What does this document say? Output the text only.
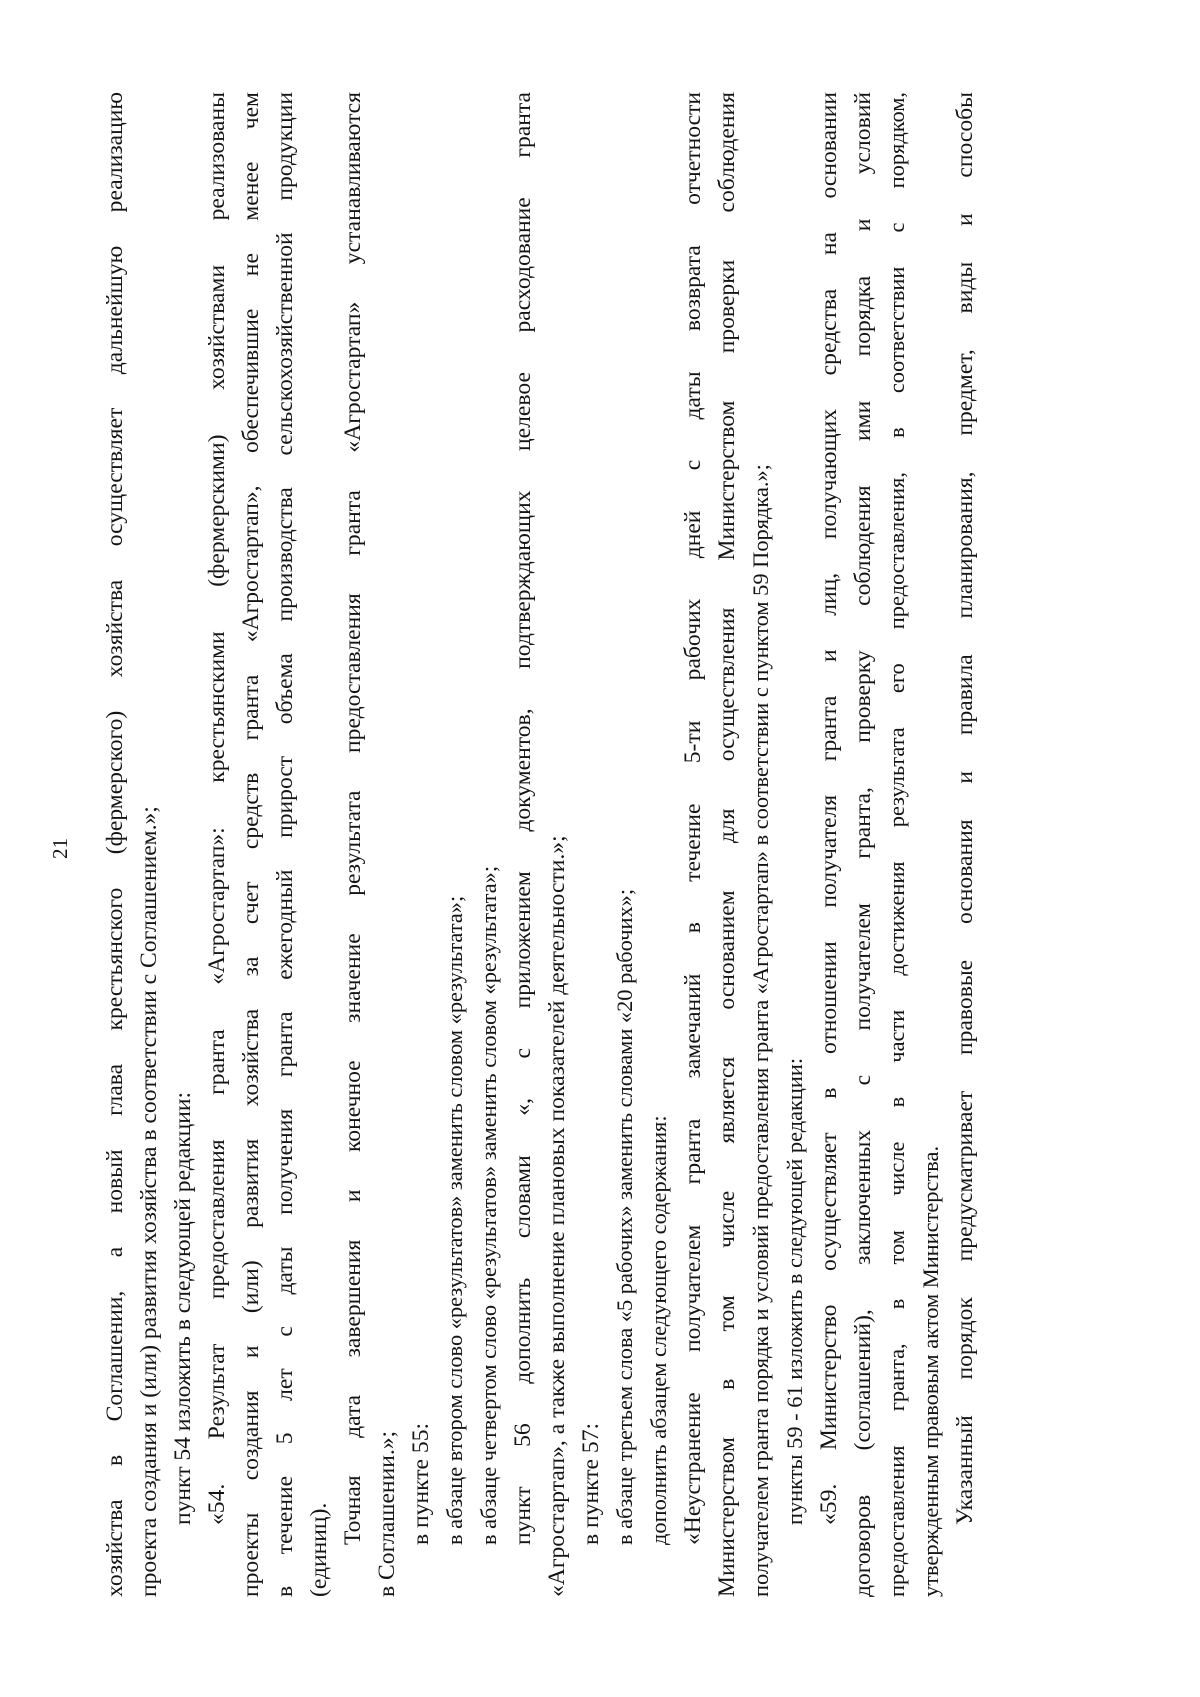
21 хозяйства в Соглашении, а новый глава крестьянского (фермерского) хозяйства осуществляет дальнейшую реализацию проекта создания и (или) развития хозяйства в соответствии с Соглашением.»; пункт 54 изложить в следующей редакции: «54. Результат предоставления гранта «Агростартап»: крестьянскими (фермерскими) хозяйствами реализованы проекты создания и (или) развития хозяйства за счет средств гранта «Агростартап», обеспечившие не менее чем в течение 5 лет с даты получения гранта ежегодный прирост объема производства сельскохозяйственной продукции (единиц).
Точная дата завершения и конечное значение результата предоставления гранта «Агростартап» устанавливаются в Соглашении.»; в пункте 55: в абзаце втором слово «результатов» заменить словом «результата»; в абзаце четвертом слово «результатов» заменить словом «результата»; пункт 56 дополнить словами «, с приложением документов, подтверждающих целевое расходование гранта «Агростартап», а также выполнение плановых показателей деятельности.»; в пункте 57: в абзаце третьем слова «5 рабочих» заменить словами «20 рабочих»; дополнить абзацем следующего содержания: «Неустранение получателем гранта замечаний в течение 5-ти рабочих дней с даты возврата отчетности Министерством в том числе является основанием для осуществления Министерством проверки соблюдения получателем гранта порядка и условий предоставления гранта «Агростартап» в соответствии с пунктом 59 Порядка.»; пункты 59 - 61 изложить в следующей редакции: «59. Министерство осуществляет в отношении получателя гранта и лиц, получающих средства на основании договоров (соглашений), заключенных с получателем гранта, проверку соблюдения ими порядка и условий предоставления гранта, в том числе в части достижения результата его предоставления, в соответствии с порядком, утвержденным правовым актом Министерства. Указанный порядок предусматривает правовые основания и правила планирования, предмет, виды и способы
